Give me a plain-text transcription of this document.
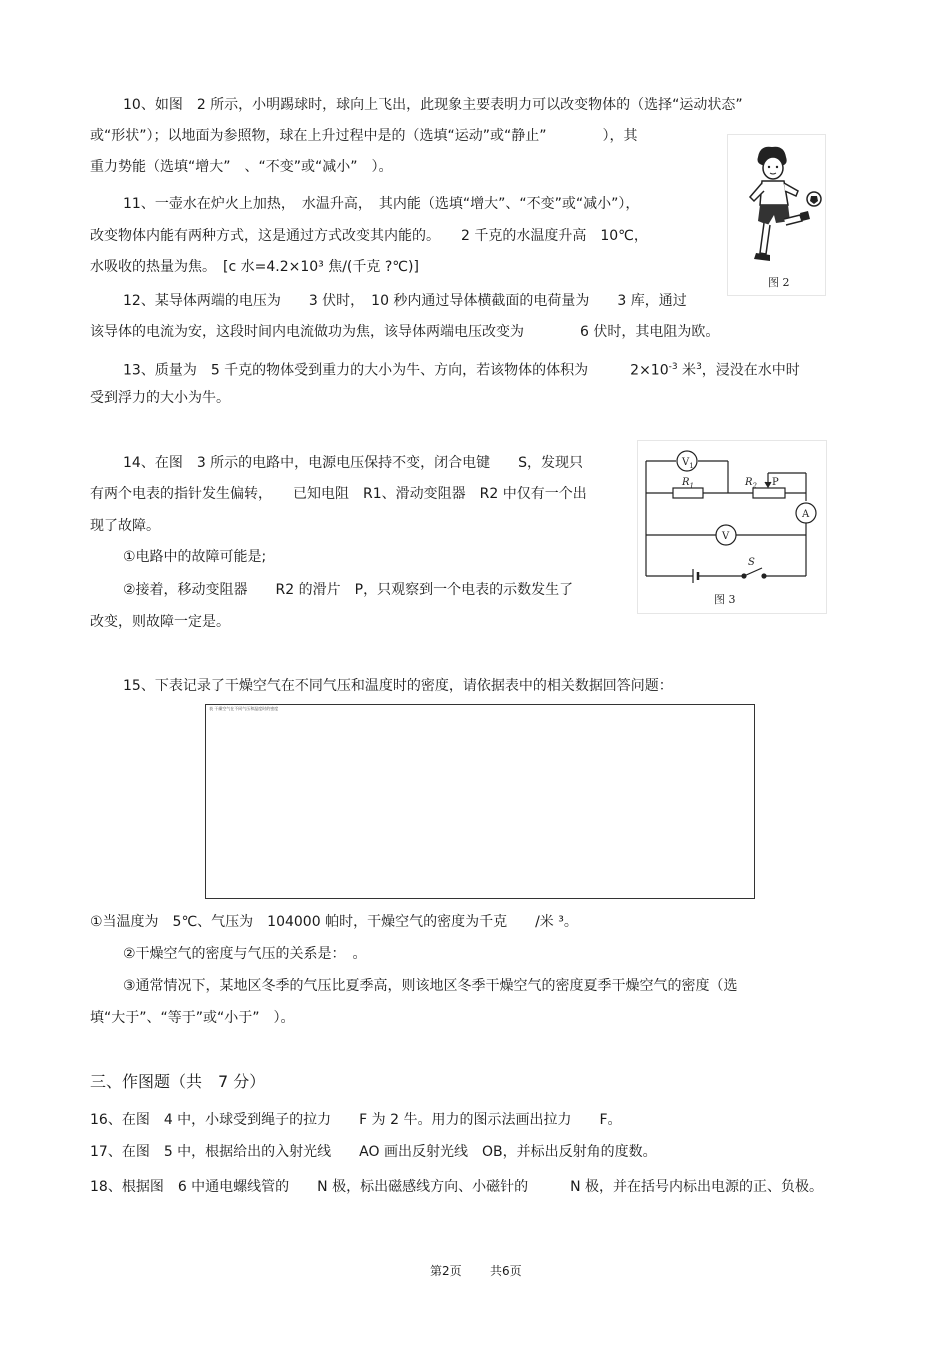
10、如图　2 所示，小明踢球时，球向上飞出，此现象主要表明力可以改变物体的（选择“运动状态”
或“形状”）；以地面为参照物，球在上升过程中是的（选填“运动”或“静止”　　　　），其
重力势能（选填“增大”　、“不变”或“减小”　）。
图 2
11、一壶水在炉火上加热，　水温升高，　其内能（选填“增大”、“不变”或“减小”），
改变物体内能有两种方式，这是通过方式改变其内能的。　　2 千克的水温度升高　10℃，
水吸收的热量为焦。　[c 水=4.2×10³ 焦/(千克 ?℃)]
12、某导体两端的电压为　　3 伏时，　10 秒内通过导体横截面的电荷量为　　3 库，通过
该导体的电流为安，这段时间内电流做功为焦，该导体两端电压改变为　　　　6 伏时，其电阻为欧。
13、质量为　5 千克的物体受到重力的大小为牛、方向，若该物体的体积为　　　$2\times 10^{-3}$ 米$^3$，浸没在水中时
受到浮力的大小为牛。
14、在图　3 所示的电路中，电源电压保持不变，闭合电键　　S，发现只
有两个电表的指针发生偏转，　　已知电阻　R1、滑动变阻器　R2 中仅有一个出
现了故障。
①电路中的故障可能是;
②接着，移动变阻器　　R2 的滑片　P，只观察到一个电表的示数发生了
改变，则故障一定是。
$V_1$
$R_1$	$R_2$ P
A
V
S
图 3
15、下表记录了干燥空气在不同气压和温度时的密度，请依据表中的相关数据回答问题：
表 干燥空气在不同气压和温度时的密度
①当温度为　5℃、气压为　104000 帕时，干燥空气的密度为千克　　/米 ³。
②干燥空气的密度与气压的关系是：　。
③通常情况下，某地区冬季的气压比夏季高，则该地区冬季干燥空气的密度夏季干燥空气的密度（选
填“大于”、“等于”或“小于”　）。
三、作图题（共　7 分）
16、在图　4 中，小球受到绳子的拉力　　F 为 2 牛。用力的图示法画出拉力　　F。
17、在图　5 中，根据给出的入射光线　　AO 画出反射光线　OB，并标出反射角的度数。
18、根据图　6 中通电螺线管的　　N 极，标出磁感线方向、小磁针的　　　N 极，并在括号内标出电源的正、负极。
第2页 共6页
